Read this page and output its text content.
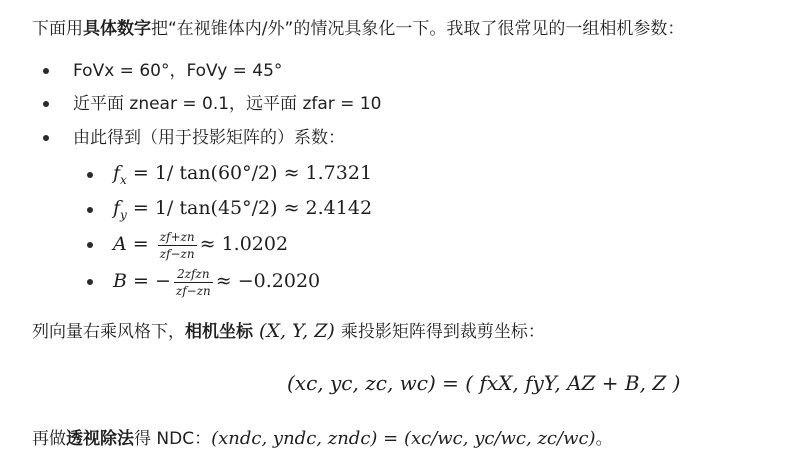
下面用具体数字把“在视锥体内/外”的情况具象化一下。我取了很常见的一组相机参数：
FoVx = 60°，FoVy = 45°
近平面 znear = 0.1，远平面 zfar = 10
由此得到（用于投影矩阵的）系数：
$f_x = 1/$ tan(60°/2) ≈ 1.7321
$f_y = 1/$ tan(45°/2) ≈ 2.4142
$A = \frac{zf+zn}{zf-zn} \approx 1.0202$
B = − $\frac{\text{2zfzn}}{zf-zn} \approx -0.2020$
列向量右乘风格下，相机坐标 (X, Y, Z) 乘投影矩阵得到裁剪坐标：
(xc, yc, zc, wc) = ( fxX, fyY, AZ + B, Z )
再做透视除法得 NDC：(xndc, yndc, zndc) = (xc/wc, yc/wc, zc/wc)。
